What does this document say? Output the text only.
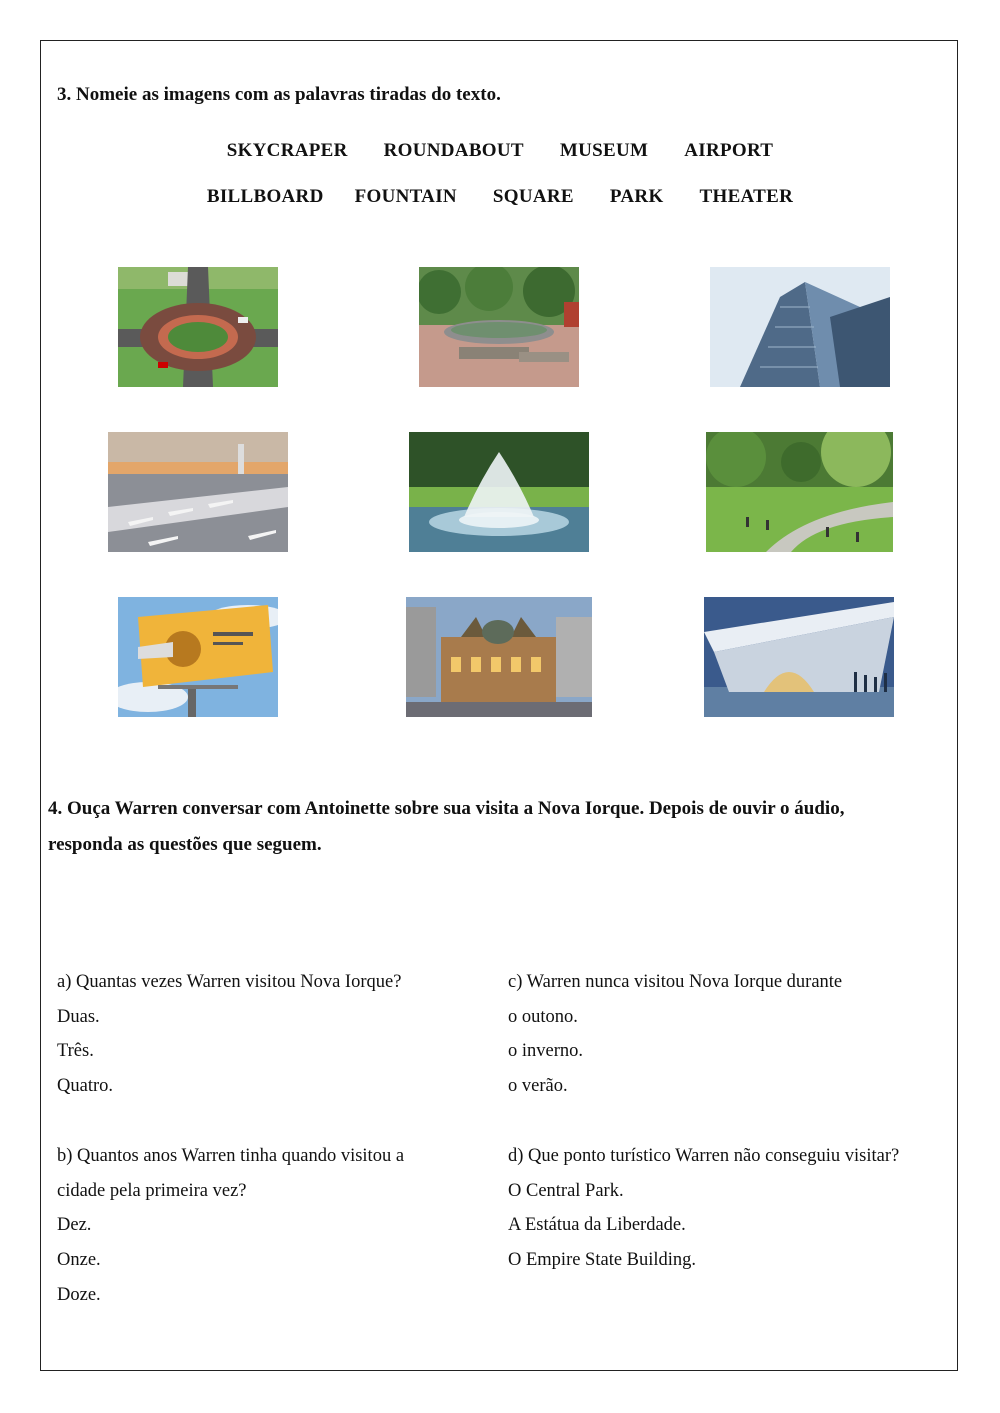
3. Nomeie as imagens com as palavras tiradas do texto.
SKYCRAPER ROUNDABOUT MUSEUM AIRPORT
BILLBOARD FOUNTAIN SQUARE PARK THEATER
4. Ouça Warren conversar com Antoinette sobre sua visita a Nova Iorque. Depois de ouvir o áudio,
responda as questões que seguem.
a) Quantas vezes Warren visitou Nova Iorque?
Duas.
Três.
Quatro.
b) Quantos anos Warren tinha quando visitou a
cidade pela primeira vez?
Dez.
Onze.
Doze.
c) Warren nunca visitou Nova Iorque durante
o outono.
o inverno.
o verão.
d) Que ponto turístico Warren não conseguiu visitar?
O Central Park.
A Estátua da Liberdade.
O Empire State Building.
